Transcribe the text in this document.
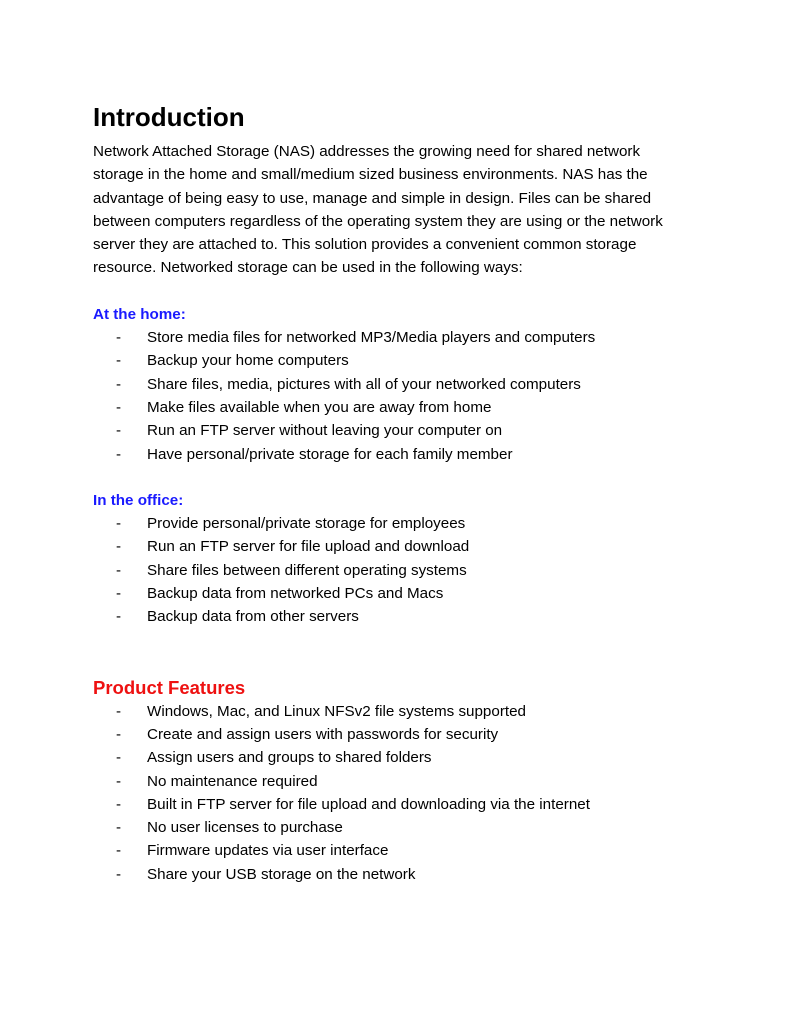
Introduction

Network Attached Storage (NAS) addresses the growing need for shared network storage in the home and small/medium sized business environments. NAS has the advantage of being easy to use, manage and simple in design. Files can be shared between computers regardless of the operating system they are using or the network server they are attached to. This solution provides a convenient common storage resource. Networked storage can be used in the following ways:

At the home:

- Store media files for networked MP3/Media players and computers
- Backup your home computers
- Share files, media, pictures with all of your networked computers
- Make files available when you are away from home
- Run an FTP server without leaving your computer on
- Have personal/private storage for each family member

In the office:

- Provide personal/private storage for employees
- Run an FTP server for file upload and download
- Share files between different operating systems
- Backup data from networked PCs and Macs
- Backup data from other servers
Product Features
- Windows, Mac, and Linux NFSv2 file systems supported
- Create and assign users with passwords for security
- Assign users and groups to shared folders
- No maintenance required
- Built in FTP server for file upload and downloading via the internet
- No user licenses to purchase
- Firmware updates via user interface
- Share your USB storage on the network
